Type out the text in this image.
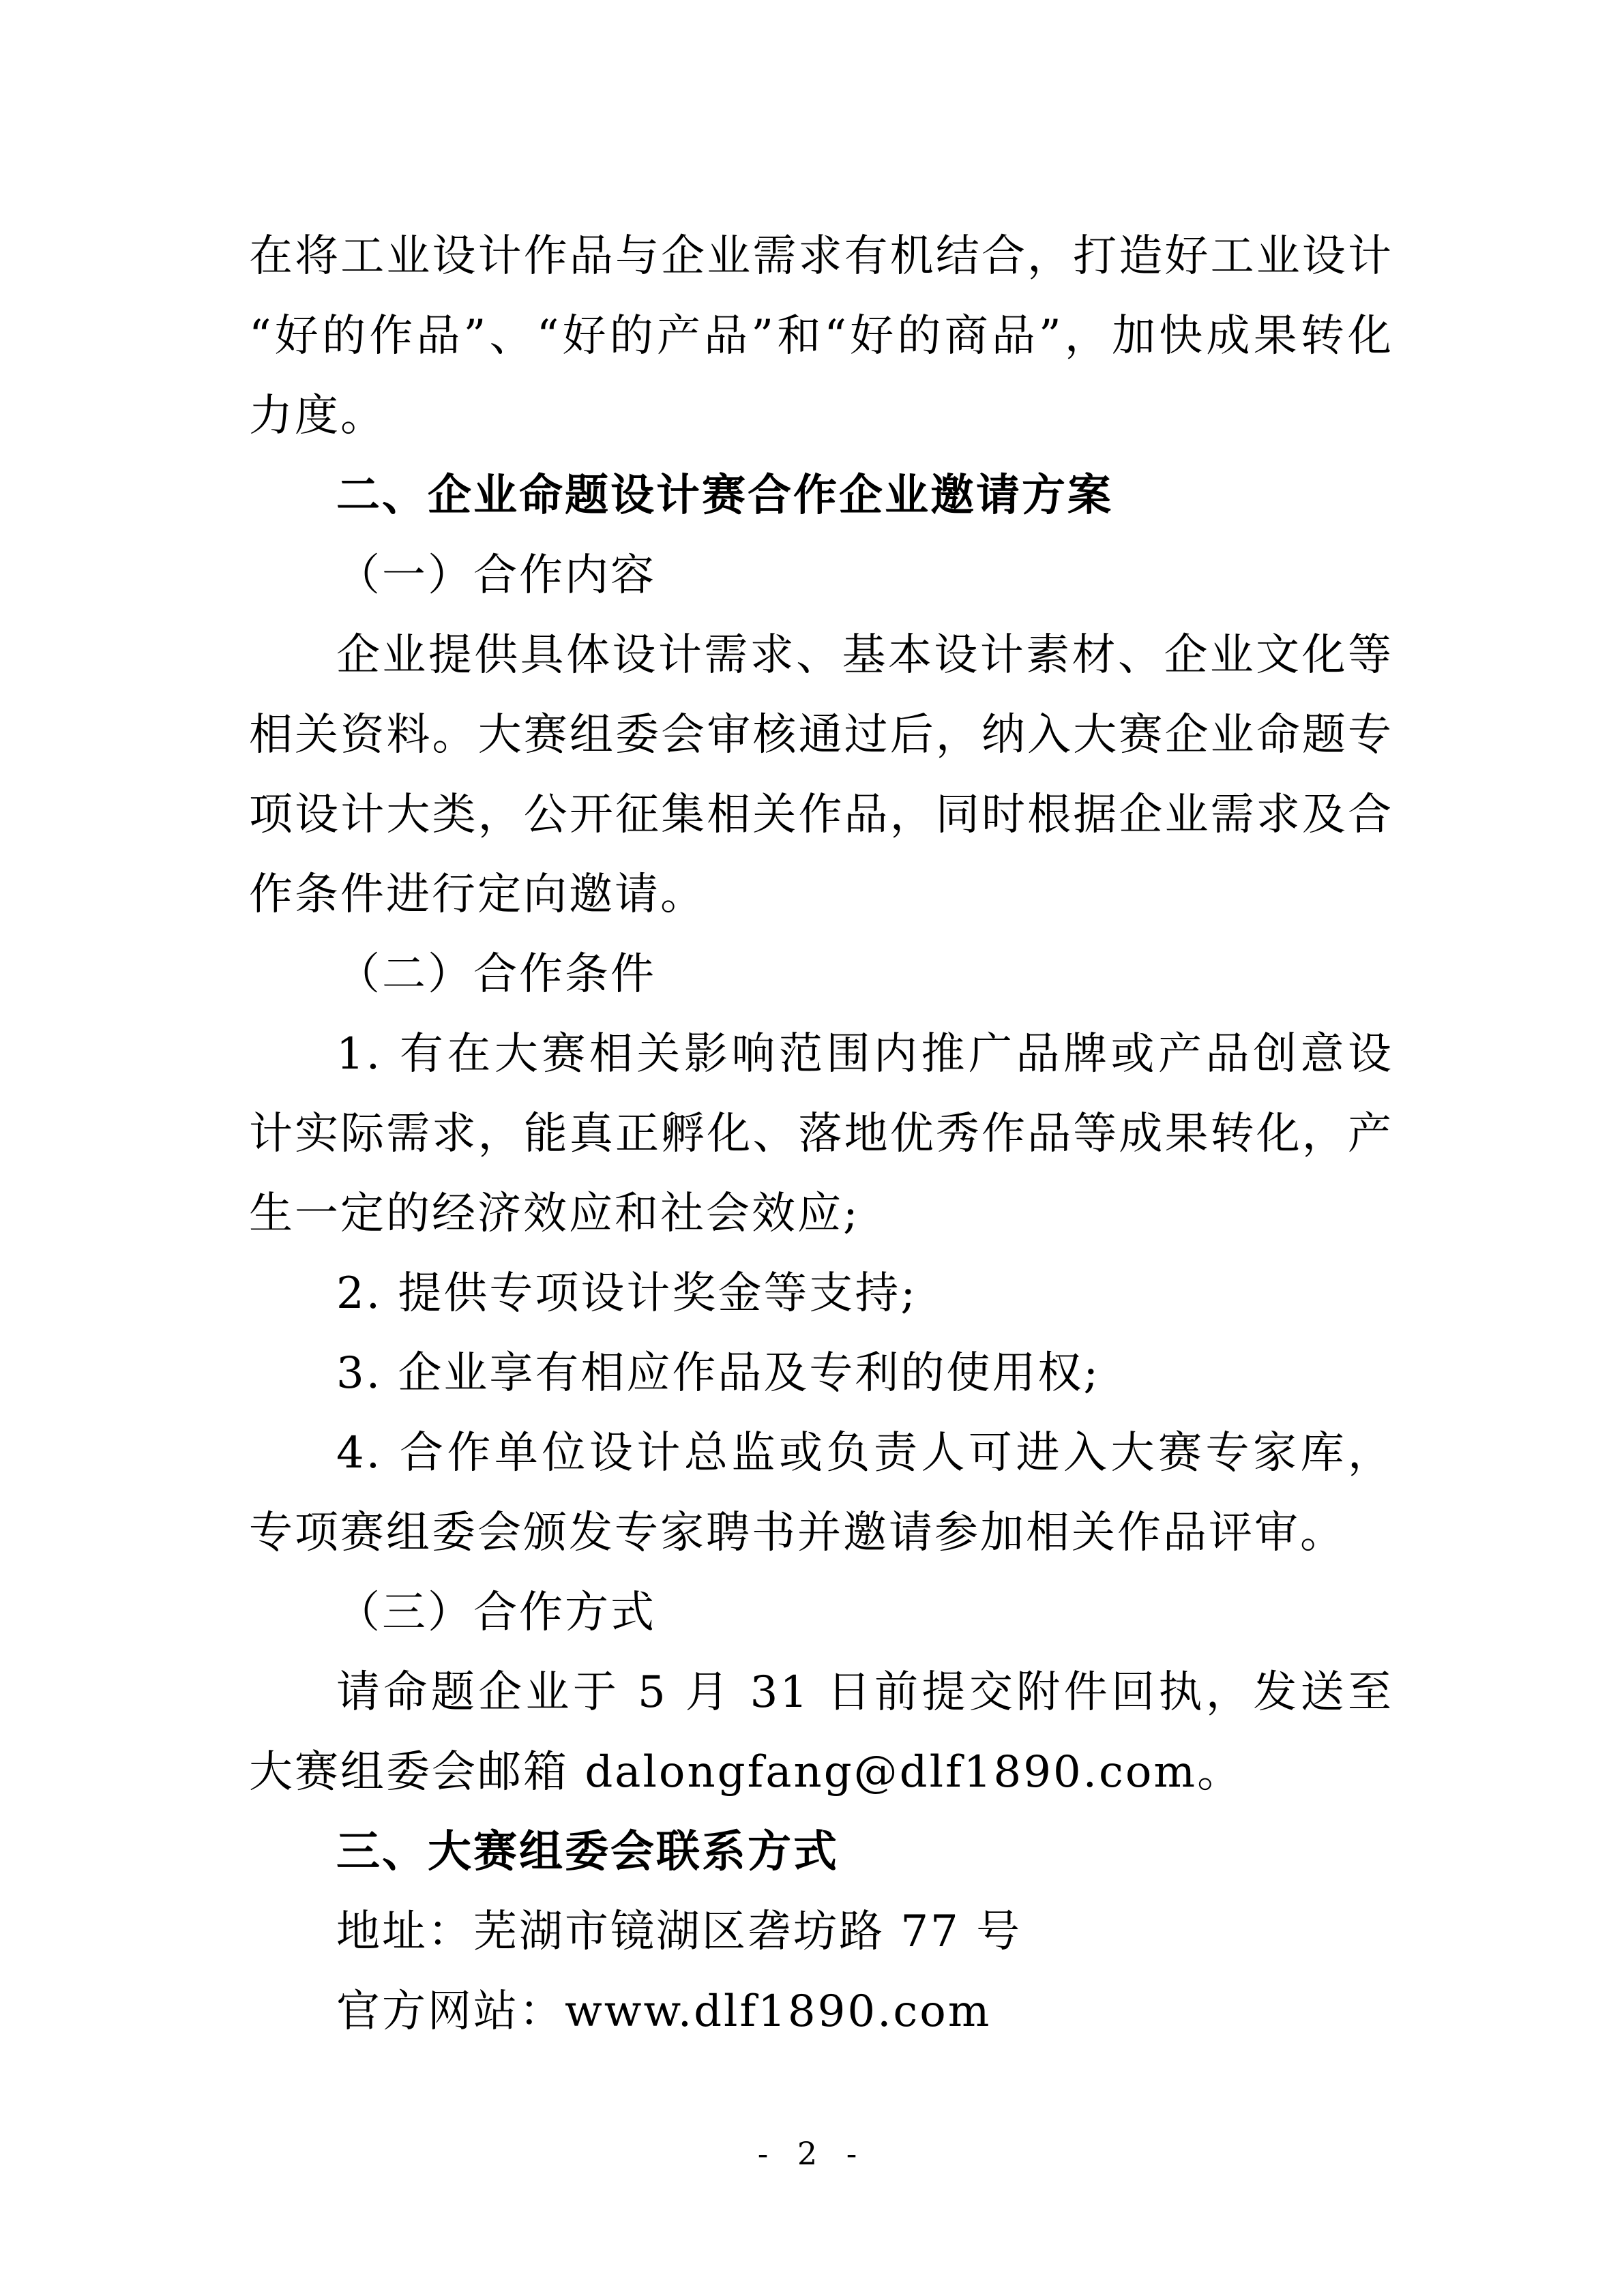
在将工业设计作品与企业需求有机结合，打造好工业设计“好的作品”、“好的产品”和“好的商品”，加快成果转化力度。

二、企业命题设计赛合作企业邀请方案

（一）合作内容

企业提供具体设计需求、基本设计素材、企业文化等相关资料。大赛组委会审核通过后，纳入大赛企业命题专项设计大类，公开征集相关作品，同时根据企业需求及合作条件进行定向邀请。

（二）合作条件

1. 有在大赛相关影响范围内推广品牌或产品创意设计实际需求，能真正孵化、落地优秀作品等成果转化，产生一定的经济效应和社会效应;

2. 提供专项设计奖金等支持;

3. 企业享有相应作品及专利的使用权;

4. 合作单位设计总监或负责人可进入大赛专家库，专项赛组委会颁发专家聘书并邀请参加相关作品评审。

（三）合作方式

请命题企业于 5 月 31 日前提交附件回执，发送至大赛组委会邮箱 dalongfang@dlf1890.com。

三、大赛组委会联系方式

地址：芜湖市镜湖区砻坊路 77 号

官方网站：www.dlf1890.com

- 2 -
